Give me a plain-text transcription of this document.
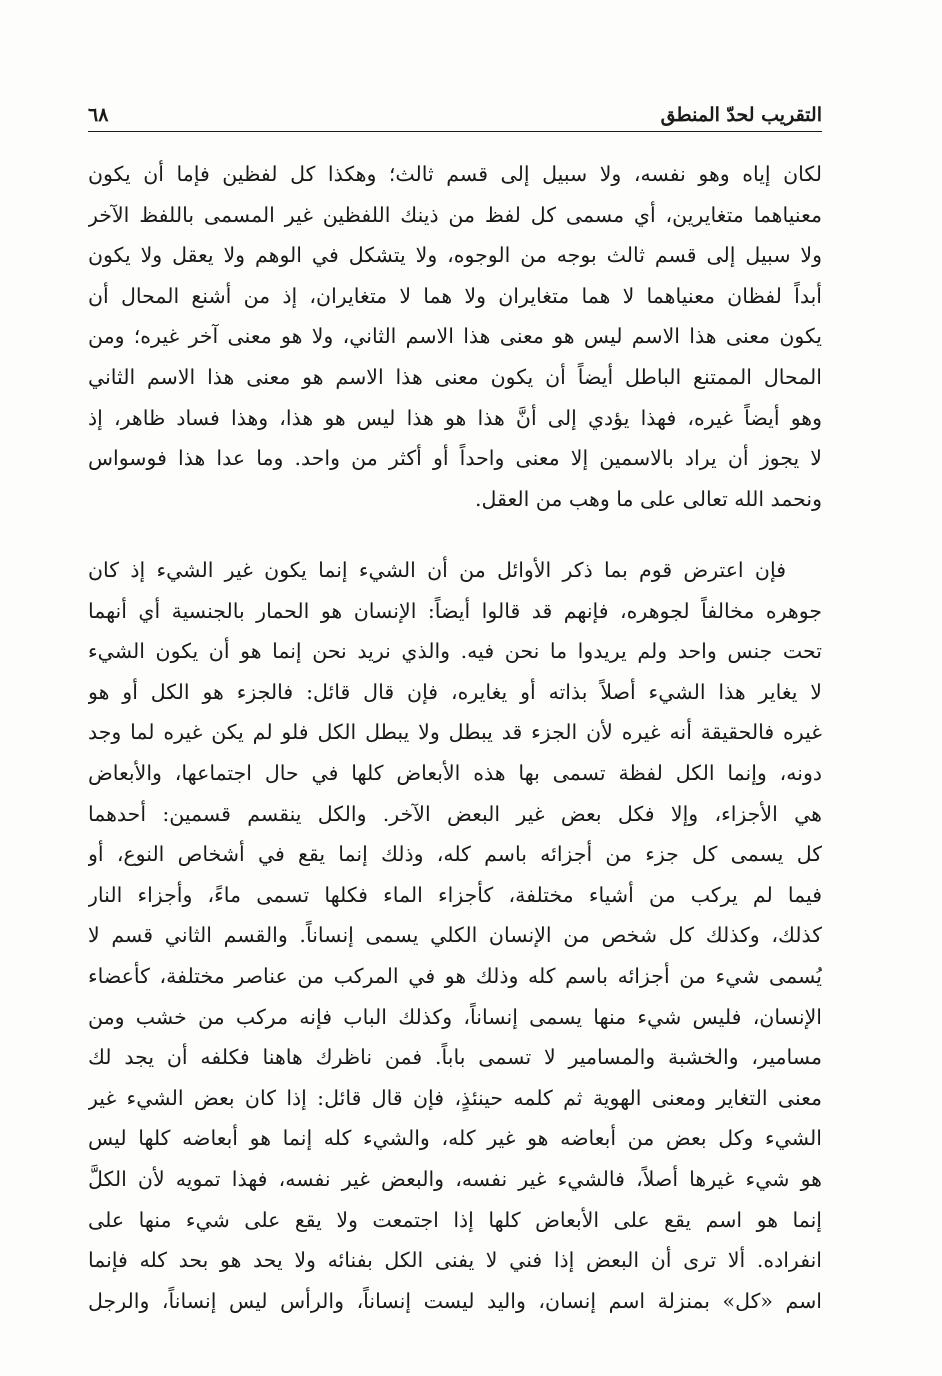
التقريب لحدّ المنطق
٦٨
لكان إياه وهو نفسه، ولا سبيل إلى قسم ثالث؛ وهكذا كل لفظين فإما أن يكون
معنياهما متغايرين، أي مسمى كل لفظ من ذينك اللفظين غير المسمى باللفظ الآخر
ولا سبيل إلى قسم ثالث بوجه من الوجوه، ولا يتشكل في الوهم ولا يعقل ولا يكون
أبداً لفظان معنياهما لا هما متغايران ولا هما لا متغايران، إذ من أشنع المحال أن
يكون معنى هذا الاسم ليس هو معنى هذا الاسم الثاني، ولا هو معنى آخر غيره؛ ومن
المحال الممتنع الباطل أيضاً أن يكون معنى هذا الاسم هو معنى هذا الاسم الثاني
وهو أيضاً غيره، فهذا يؤدي إلى أنَّ هذا هو هذا ليس هو هذا، وهذا فساد ظاهر، إذ
لا يجوز أن يراد بالاسمين إلا معنى واحداً أو أكثر من واحد. وما عدا هذا فوسواس
ونحمد الله تعالى على ما وهب من العقل.
فإن اعترض قوم بما ذكر الأوائل من أن الشيء إنما يكون غير الشيء إذ كان
جوهره مخالفاً لجوهره، فإنهم قد قالوا أيضاً: الإنسان هو الحمار بالجنسية أي أنهما
تحت جنس واحد ولم يريدوا ما نحن فيه. والذي نريد نحن إنما هو أن يكون الشيء
لا يغاير هذا الشيء أصلاً بذاته أو يغايره، فإن قال قائل: فالجزء هو الكل أو هو
غيره فالحقيقة أنه غيره لأن الجزء قد يبطل ولا يبطل الكل فلو لم يكن غيره لما وجد
دونه، وإنما الكل لفظة تسمى بها هذه الأبعاض كلها في حال اجتماعها، والأبعاض
هي الأجزاء، وإلا فكل بعض غير البعض الآخر. والكل ينقسم قسمين: أحدهما
كل يسمى كل جزء من أجزائه باسم كله، وذلك إنما يقع في أشخاص النوع، أو
فيما لم يركب من أشياء مختلفة، كأجزاء الماء فكلها تسمى ماءً، وأجزاء النار
كذلك، وكذلك كل شخص من الإنسان الكلي يسمى إنساناً. والقسم الثاني قسم لا
يُسمى شيء من أجزائه باسم كله وذلك هو في المركب من عناصر مختلفة، كأعضاء
الإنسان، فليس شيء منها يسمى إنساناً، وكذلك الباب فإنه مركب من خشب ومن
مسامير، والخشبة والمسامير لا تسمى باباً. فمن ناظرك هاهنا فكلفه أن يجد لك
معنى التغاير ومعنى الهوية ثم كلمه حينئذٍ، فإن قال قائل: إذا كان بعض الشيء غير
الشيء وكل بعض من أبعاضه هو غير كله، والشيء كله إنما هو أبعاضه كلها ليس
هو شيء غيرها أصلاً، فالشيء غير نفسه، والبعض غير نفسه، فهذا تمويه لأن الكلَّ
إنما هو اسم يقع على الأبعاض كلها إذا اجتمعت ولا يقع على شيء منها على
انفراده. ألا ترى أن البعض إذا فني لا يفنى الكل بفنائه ولا يحد هو بحد كله فإنما
اسم «كل» بمنزلة اسم إنسان، واليد ليست إنساناً، والرأس ليس إنساناً، والرجل
